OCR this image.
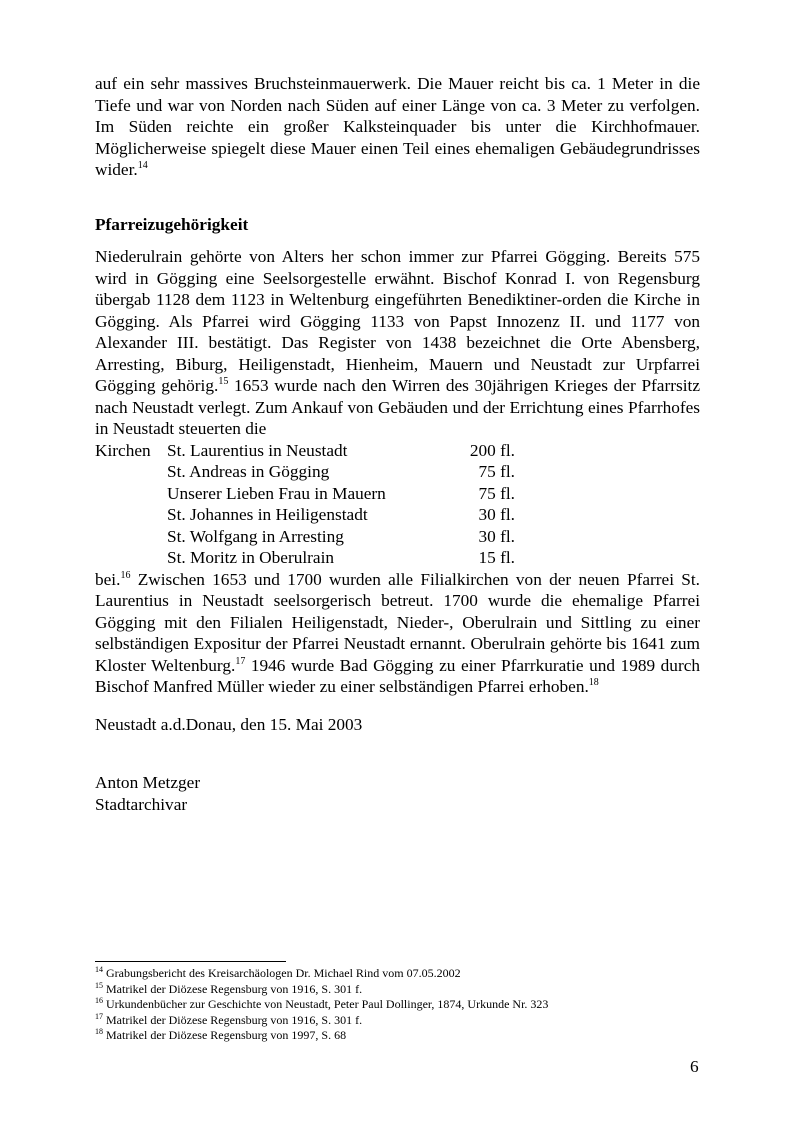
auf ein sehr massives Bruchsteinmauerwerk. Die Mauer reicht bis ca. 1 Meter in die Tiefe und war von Norden nach Süden auf einer Länge von ca. 3 Meter zu verfolgen. Im Süden reichte ein großer Kalksteinquader bis unter die Kirchhofmauer. Möglicherweise spiegelt diese Mauer einen Teil eines ehemaligen Gebäudegrundrisses wider.$^{14}$

Pfarreizugehörigkeit

Niederulrain gehörte von Alters her schon immer zur Pfarrei Gögging. Bereits 575 wird in Gögging eine Seelsorgestelle erwähnt. Bischof Konrad I. von Regensburg übergab 1128 dem 1123 in Weltenburg eingeführten Benediktiner-orden die Kirche in Gögging. Als Pfarrei wird Gögging 1133 von Papst Innozenz II. und 1177 von Alexander III. bestätigt. Das Register von 1438 bezeichnet die Orte Abensberg, Arresting, Biburg, Heiligenstadt, Hienheim, Mauern und Neustadt zur Urpfarrei Gögging gehörig.$^{15}$ 1653 wurde nach den Wirren des 30jährigen Krieges der Pfarrsitz nach Neustadt verlegt. Zum Ankauf von Gebäuden und der Errichtung eines Pfarrhofes in Neustadt steuerten die

Kirchen St. Laurentius in Neustadt	200 fl.
St. Andreas in Gögging	75 fl.
Unserer Lieben Frau in Mauern	75 fl.
St. Johannes in Heiligenstadt	30 fl.
St. Wolfgang in Arresting	30 fl.
St. Moritz in Oberulrain	15 fl.

bei.$^{16}$ Zwischen 1653 und 1700 wurden alle Filialkirchen von der neuen Pfarrei St. Laurentius in Neustadt seelsorgerisch betreut. 1700 wurde die ehemalige Pfarrei Gögging mit den Filialen Heiligenstadt, Nieder-, Oberulrain und Sittling zu einer selbständigen Expositur der Pfarrei Neustadt ernannt. Oberulrain gehörte bis 1641 zum Kloster Weltenburg.$^{17}$ 1946 wurde Bad Gögging zu einer Pfarrkuratie und 1989 durch Bischof Manfred Müller wieder zu einer selbständigen Pfarrei erhoben.$^{18}$

Neustadt a.d.Donau, den 15. Mai 2003

Anton Metzger

Stadtarchivar

$^{14}$ Grabungsbericht des Kreisarchäologen Dr. Michael Rind vom 07.05.2002

$^{15}$ Matrikel der Diözese Regensburg von 1916, S. 301 f.

$^{16}$ Urkundenbücher zur Geschichte von Neustadt, Peter Paul Dollinger, 1874, Urkunde Nr. 323

$^{17}$ Matrikel der Diözese Regensburg von 1916, S. 301 f.

$^{18}$ Matrikel der Diözese Regensburg von 1997, S. 68

6
